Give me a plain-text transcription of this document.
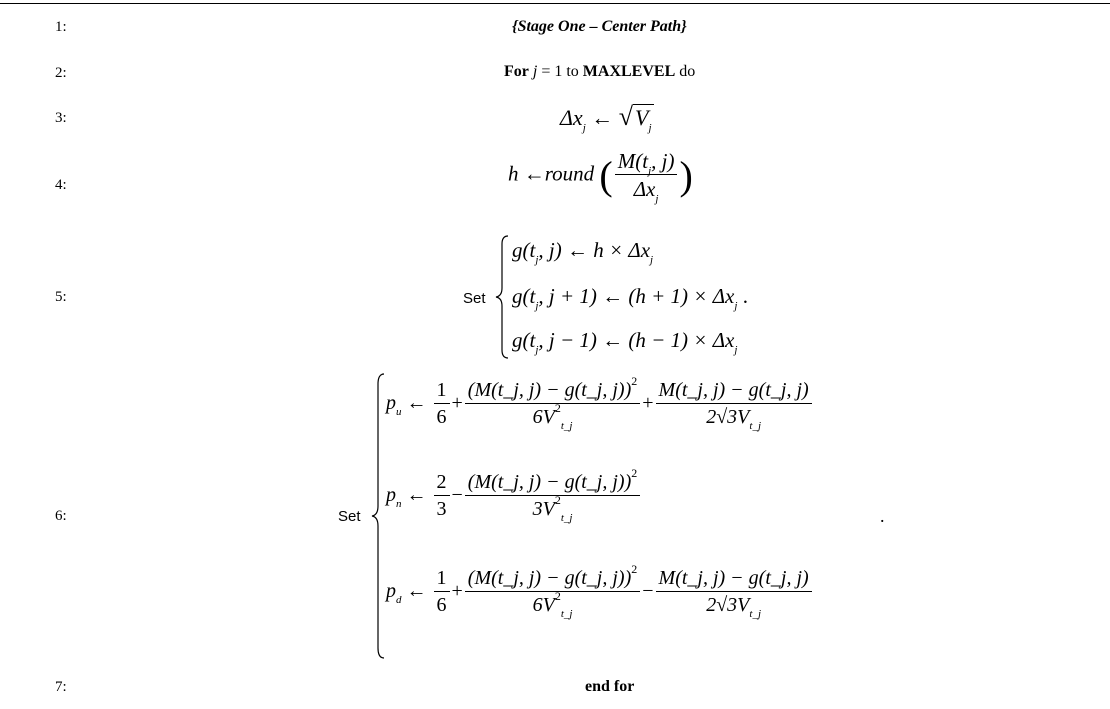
1:
2:
3:
4:
5:
6:
7:
{Stage One – Center Path}
For j = 1 to MAXLEVEL do
$\Delta x_j$ ← $√V_j$
h ←round ( $\frac{M(t_j, j)}{\Delta x_j}$ )
Set
$g(t_j$, j) ← $h \times \Delta x_j$
$g(t_j$, j + 1) ← $(h + 1) \times \Delta x_j$ .
$g(t_j$, j − 1) ← $(h - 1) \times \Delta x_j$
Set
$p_u$ ← $\frac{1}{6} + \frac{(M(t\_j, j) - g(t\_j, j))^2}{6V^2_{t\_j}} + \frac{M(t\_j, j) - g(t\_j, j)}{2√3V_{t\_j}}$
$p_n$ ← $\frac{2}{3} - \frac{(M(t\_j, j) - g(t\_j, j))^2}{3V^2_{t\_j}}$	.
$p_d$ ← $\frac{1}{6} + \frac{(M(t\_j, j) - g(t\_j, j))^2}{6V^2_{t\_j}} - \frac{M(t\_j, j) - g(t\_j, j)}{2√3V_{t\_j}}$
end for
